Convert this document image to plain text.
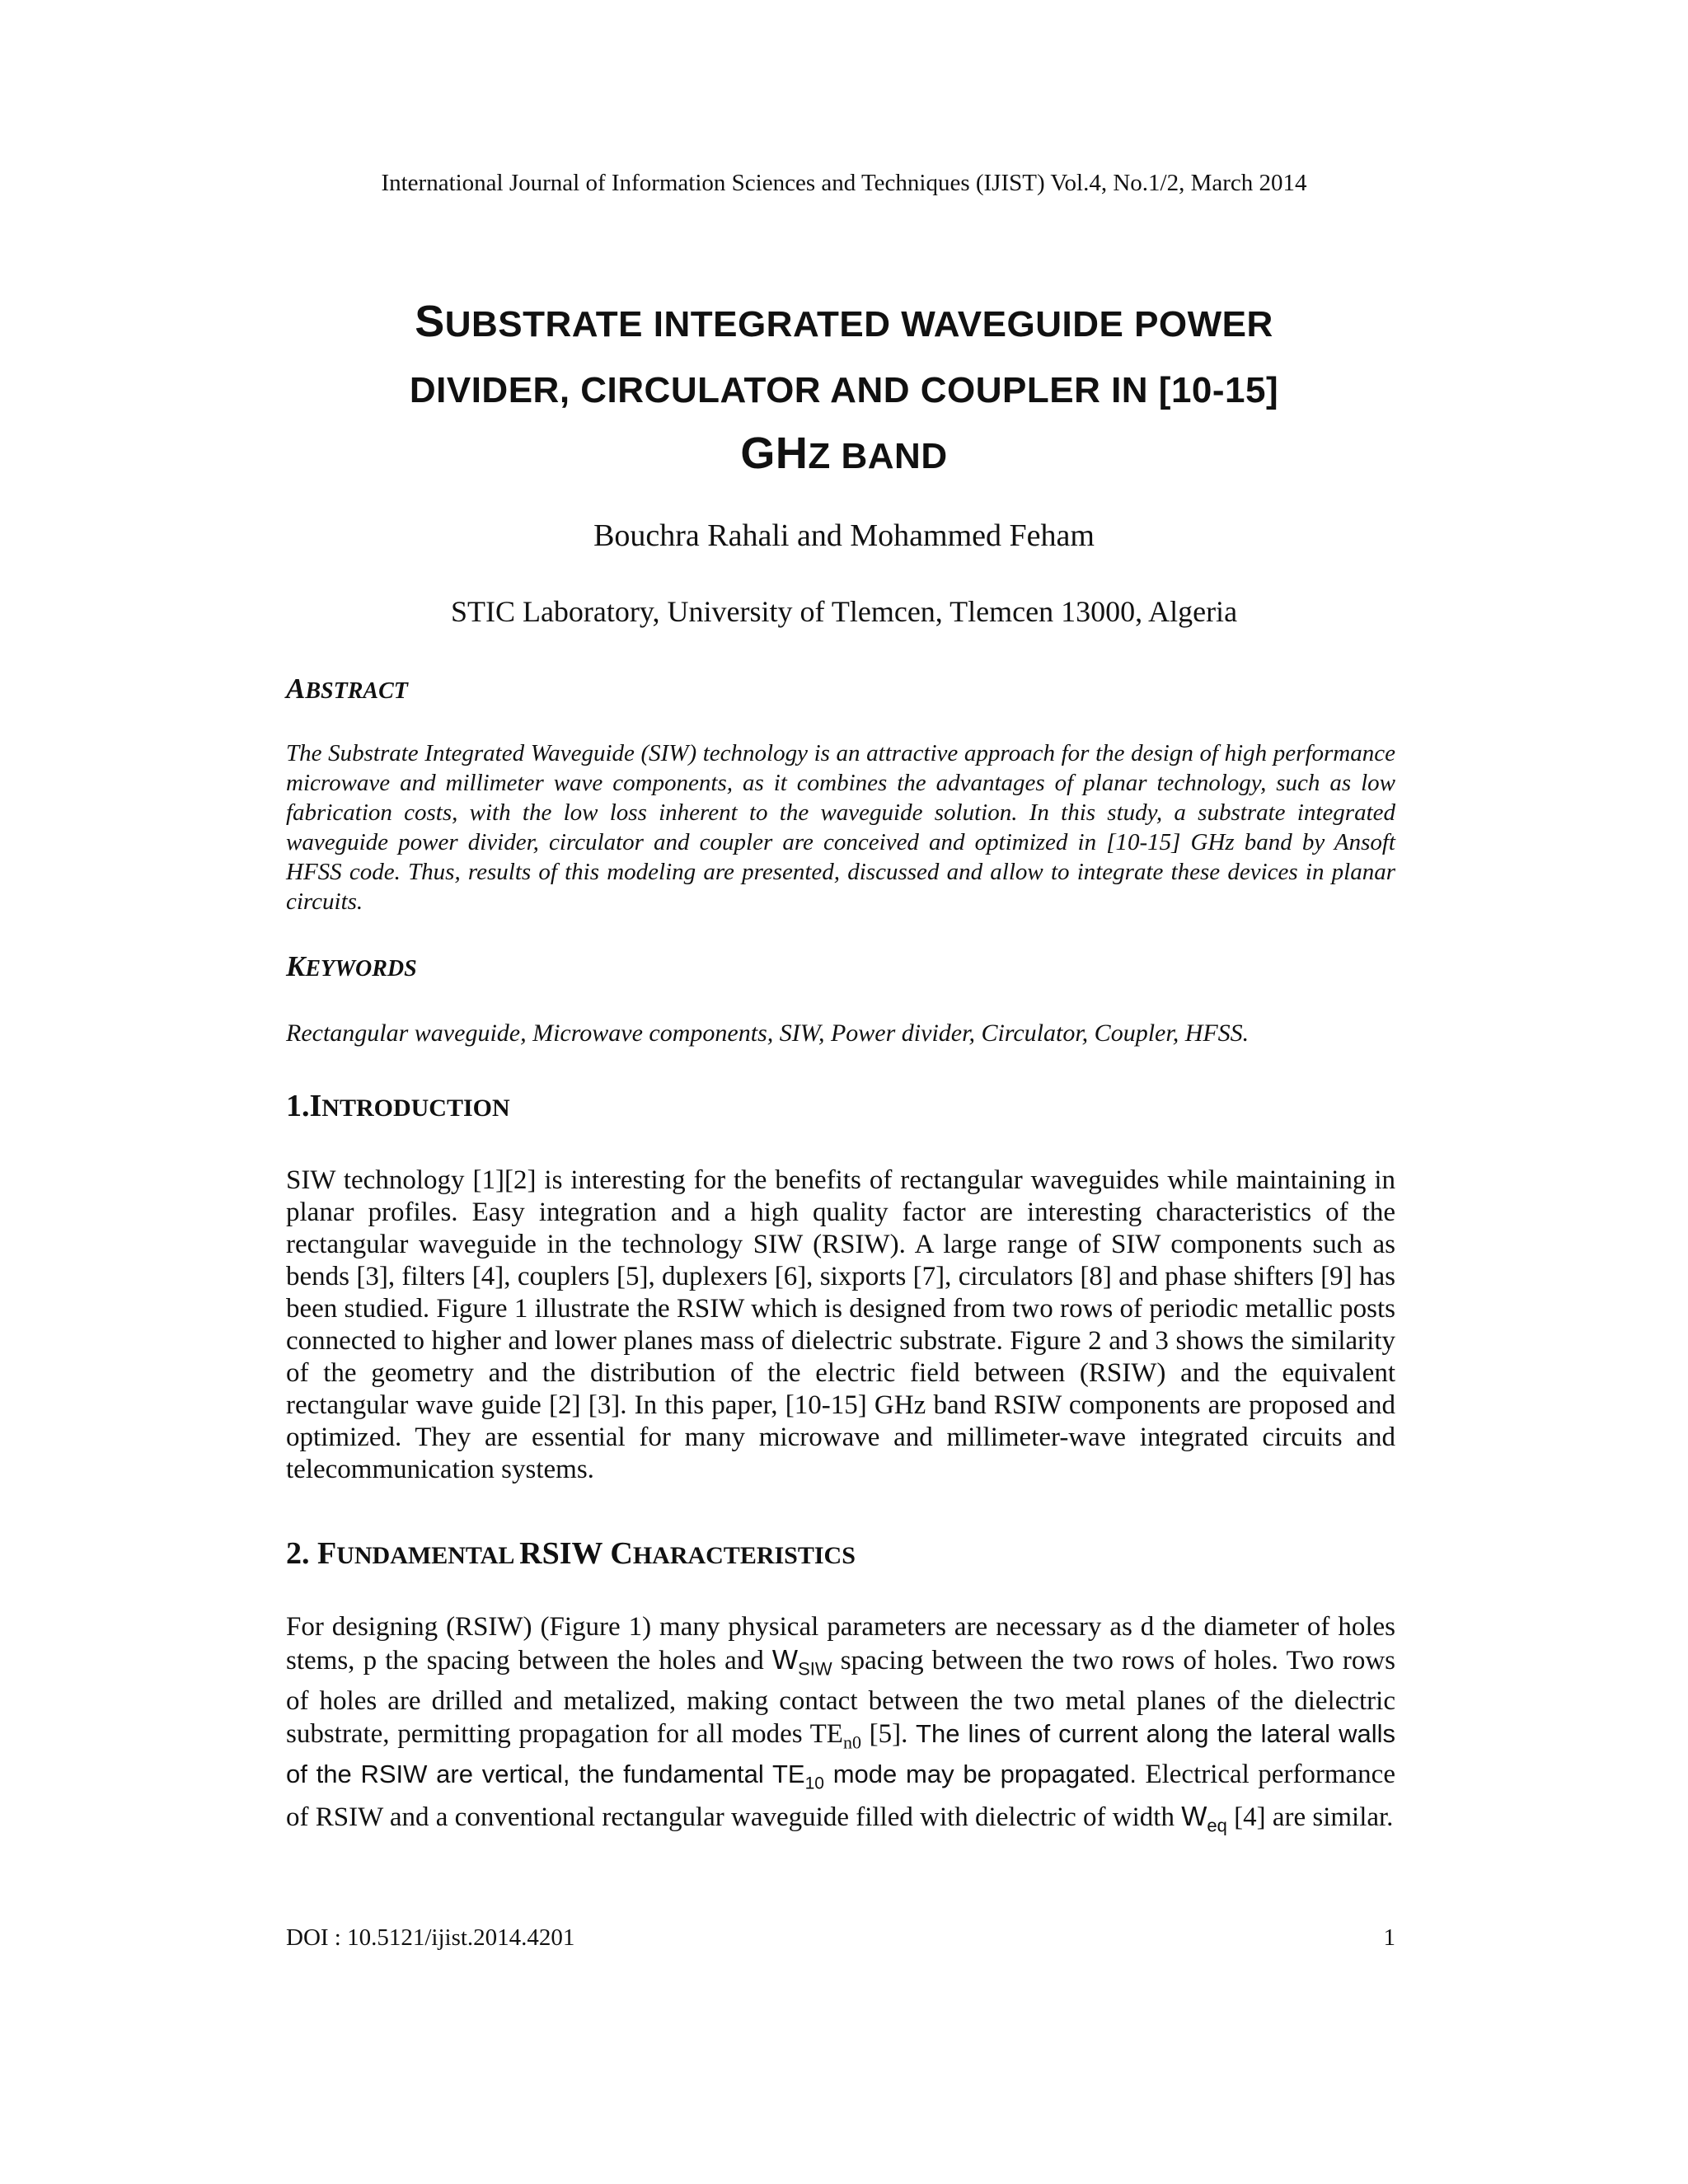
International Journal of Information Sciences and Techniques (IJIST) Vol.4, No.1/2, March 2014
SUBSTRATE INTEGRATED WAVEGUIDE POWER
DIVIDER, CIRCULATOR AND COUPLER IN [10-15]
GHZ BAND
Bouchra Rahali and Mohammed Feham
STIC Laboratory, University of Tlemcen, Tlemcen 13000, Algeria
ABSTRACT
The Substrate Integrated Waveguide (SIW) technology is an attractive approach for the design of high performance microwave and millimeter wave components, as it combines the advantages of planar technology, such as low fabrication costs, with the low loss inherent to the waveguide solution. In this study, a substrate integrated waveguide power divider, circulator and coupler are conceived and optimized in [10-15] GHz band by Ansoft HFSS code. Thus, results of this modeling are presented, discussed and allow to integrate these devices in planar circuits.
KEYWORDS
Rectangular waveguide, Microwave components, SIW, Power divider, Circulator, Coupler, HFSS.
1.INTRODUCTION
SIW technology [1][2] is interesting for the benefits of rectangular waveguides while maintaining in planar profiles. Easy integration and a high quality factor are interesting characteristics of the rectangular waveguide in the technology SIW (RSIW). A large range of SIW components such as bends [3], filters [4], couplers [5], duplexers [6], sixports [7], circulators [8] and phase shifters [9] has been studied. Figure 1 illustrate the RSIW which is designed from two rows of periodic metallic posts connected to higher and lower planes mass of dielectric substrate. Figure 2 and 3 shows the similarity of the geometry and the distribution of the electric field between (RSIW) and the equivalent rectangular wave guide [2] [3]. In this paper, [10-15] GHz band RSIW components are proposed and optimized. They are essential for many microwave and millimeter-wave integrated circuits and telecommunication systems.
2. FUNDAMENTAL RSIW CHARACTERISTICS
For designing (RSIW) (Figure 1) many physical parameters are necessary as d the diameter of holes stems, p the spacing between the holes and $W_{SIW}$ spacing between the two rows of holes. Two rows of holes are drilled and metalized, making contact between the two metal planes of the dielectric substrate, permitting propagation for all modes $TE_{n0}$ [5]. The lines of current along the lateral walls of the RSIW are vertical, the fundamental $TE_{10}$ mode may be propagated. Electrical performance of RSIW and a conventional rectangular waveguide filled with dielectric of width $W_{eq}$ [4] are similar.
DOI : 10.5121/ijist.2014.4201	1
